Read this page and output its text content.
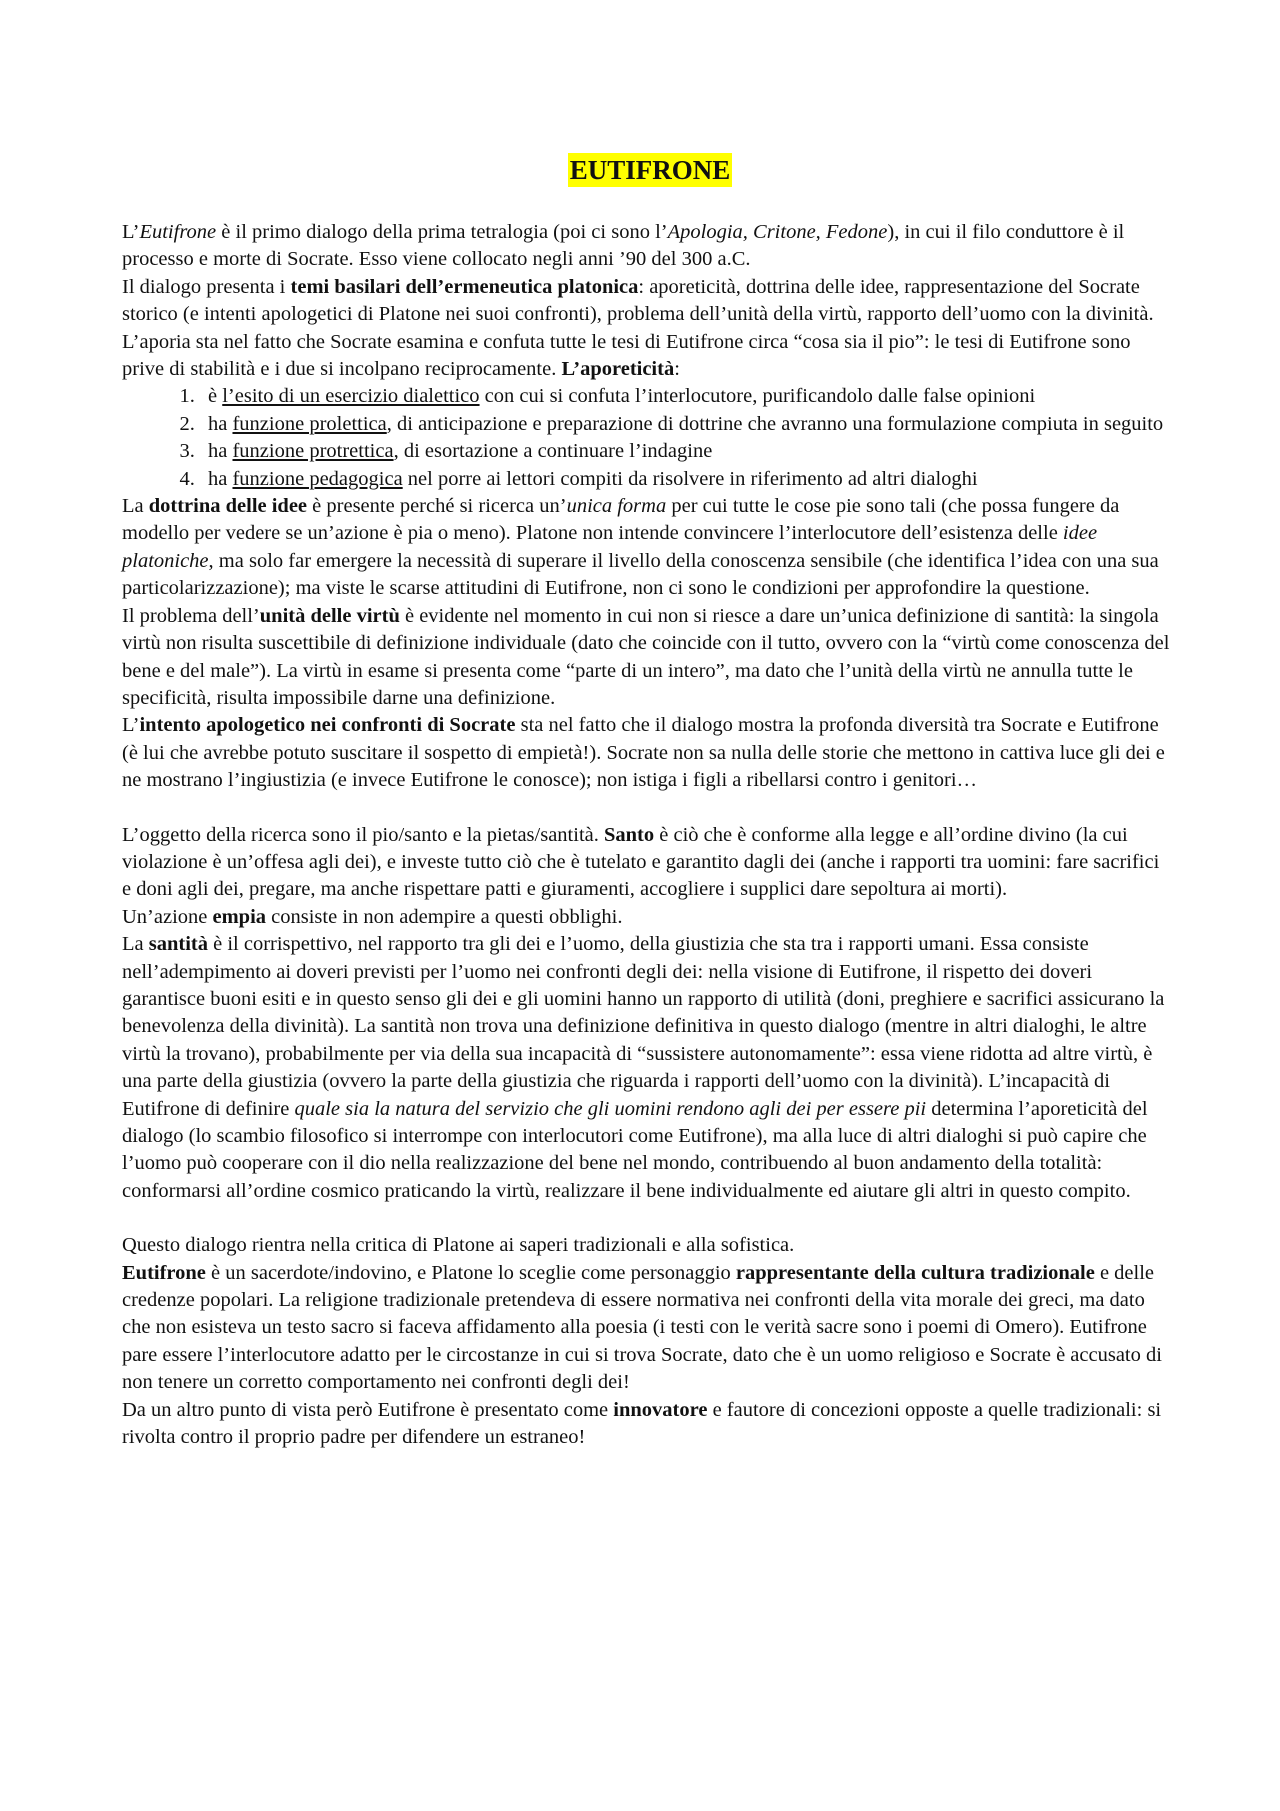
EUTIFRONE

L’Eutifrone è il primo dialogo della prima tetralogia (poi ci sono l’Apologia, Critone, Fedone), in cui il filo conduttore è il processo e morte di Socrate. Esso viene collocato negli anni ’90 del 300 a.C.

Il dialogo presenta i temi basilari dell’ermeneutica platonica: aporeticità, dottrina delle idee, rappresentazione del Socrate storico (e intenti apologetici di Platone nei suoi confronti), problema dell’unità della virtù, rapporto dell’uomo con la divinità.

L’aporia sta nel fatto che Socrate esamina e confuta tutte le tesi di Eutifrone circa “cosa sia il pio”: le tesi di Eutifrone sono prive di stabilità e i due si incolpano reciprocamente. L’aporeticità:

1. è l’esito di un esercizio dialettico con cui si confuta l’interlocutore, purificandolo dalle false opinioni
2. ha funzione prolettica, di anticipazione e preparazione di dottrine che avranno una formulazione compiuta in seguito
3. ha funzione protrettica, di esortazione a continuare l’indagine
4. ha funzione pedagogica nel porre ai lettori compiti da risolvere in riferimento ad altri dialoghi

La dottrina delle idee è presente perché si ricerca un’unica forma per cui tutte le cose pie sono tali (che possa fungere da modello per vedere se un’azione è pia o meno). Platone non intende convincere l’interlocutore dell’esistenza delle idee platoniche, ma solo far emergere la necessità di superare il livello della conoscenza sensibile (che identifica l’idea con una sua particolarizzazione); ma viste le scarse attitudini di Eutifrone, non ci sono le condizioni per approfondire la questione.

Il problema dell’unità delle virtù è evidente nel momento in cui non si riesce a dare un’unica definizione di santità: la singola virtù non risulta suscettibile di definizione individuale (dato che coincide con il tutto, ovvero con la “virtù come conoscenza del bene e del male”). La virtù in esame si presenta come “parte di un intero”, ma dato che l’unità della virtù ne annulla tutte le specificità, risulta impossibile darne una definizione.

L’intento apologetico nei confronti di Socrate sta nel fatto che il dialogo mostra la profonda diversità tra Socrate e Eutifrone (è lui che avrebbe potuto suscitare il sospetto di empietà!). Socrate non sa nulla delle storie che mettono in cattiva luce gli dei e ne mostrano l’ingiustizia (e invece Eutifrone le conosce); non istiga i figli a ribellarsi contro i genitori…

L’oggetto della ricerca sono il pio/santo e la pietas/santità. Santo è ciò che è conforme alla legge e all’ordine divino (la cui violazione è un’offesa agli dei), e investe tutto ciò che è tutelato e garantito dagli dei (anche i rapporti tra uomini: fare sacrifici e doni agli dei, pregare, ma anche rispettare patti e giuramenti, accogliere i supplici dare sepoltura ai morti).

Un’azione empia consiste in non adempire a questi obblighi.

La santità è il corrispettivo, nel rapporto tra gli dei e l’uomo, della giustizia che sta tra i rapporti umani. Essa consiste nell’adempimento ai doveri previsti per l’uomo nei confronti degli dei: nella visione di Eutifrone, il rispetto dei doveri garantisce buoni esiti e in questo senso gli dei e gli uomini hanno un rapporto di utilità (doni, preghiere e sacrifici assicurano la benevolenza della divinità). La santità non trova una definizione definitiva in questo dialogo (mentre in altri dialoghi, le altre virtù la trovano), probabilmente per via della sua incapacità di “sussistere autonomamente”: essa viene ridotta ad altre virtù, è una parte della giustizia (ovvero la parte della giustizia che riguarda i rapporti dell’uomo con la divinità). L’incapacità di Eutifrone di definire quale sia la natura del servizio che gli uomini rendono agli dei per essere pii determina l’aporeticità del dialogo (lo scambio filosofico si interrompe con interlocutori come Eutifrone), ma alla luce di altri dialoghi si può capire che l’uomo può cooperare con il dio nella realizzazione del bene nel mondo, contribuendo al buon andamento della totalità: conformarsi all’ordine cosmico praticando la virtù, realizzare il bene individualmente ed aiutare gli altri in questo compito.

Questo dialogo rientra nella critica di Platone ai saperi tradizionali e alla sofistica.

Eutifrone è un sacerdote/indovino, e Platone lo sceglie come personaggio rappresentante della cultura tradizionale e delle credenze popolari. La religione tradizionale pretendeva di essere normativa nei confronti della vita morale dei greci, ma dato che non esisteva un testo sacro si faceva affidamento alla poesia (i testi con le verità sacre sono i poemi di Omero). Eutifrone pare essere l’interlocutore adatto per le circostanze in cui si trova Socrate, dato che è un uomo religioso e Socrate è accusato di non tenere un corretto comportamento nei confronti degli dei!

Da un altro punto di vista però Eutifrone è presentato come innovatore e fautore di concezioni opposte a quelle tradizionali: si rivolta contro il proprio padre per difendere un estraneo!
